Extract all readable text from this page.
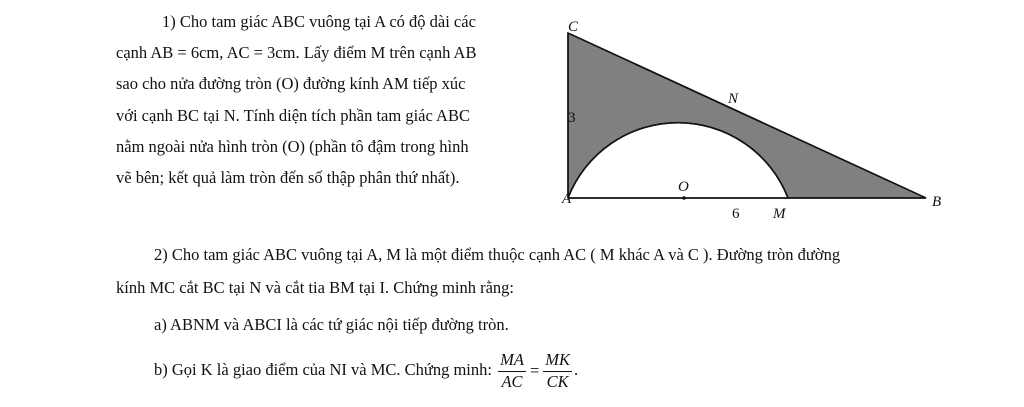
1) Cho tam giác ABC vuông tại A có độ dài các
cạnh AB = 6cm, AC = 3cm. Lấy điểm M trên cạnh AB
sao cho nửa đường tròn (O) đường kính AM tiếp xúc
với cạnh BC tại N. Tính diện tích phần tam giác ABC
nằm ngoài nửa hình tròn (O) (phần tô đậm trong hình
vẽ bên; kết quả làm tròn đến số thập phân thứ nhất).
C
N
A
O
M
B
3
6
2) Cho tam giác ABC vuông tại A, M là một điểm thuộc cạnh AC ( M khác A và C ). Đường tròn đường
kính MC cắt BC tại N và cắt tia BM tại I. Chứng minh rằng:
a) ABNM và ABCI là các tứ giác nội tiếp đường tròn.
b) Gọi K là giao điểm của NI và MC. Chứng minh: $\frac{MA}{AC} = \frac{MK}{CK}$ .
